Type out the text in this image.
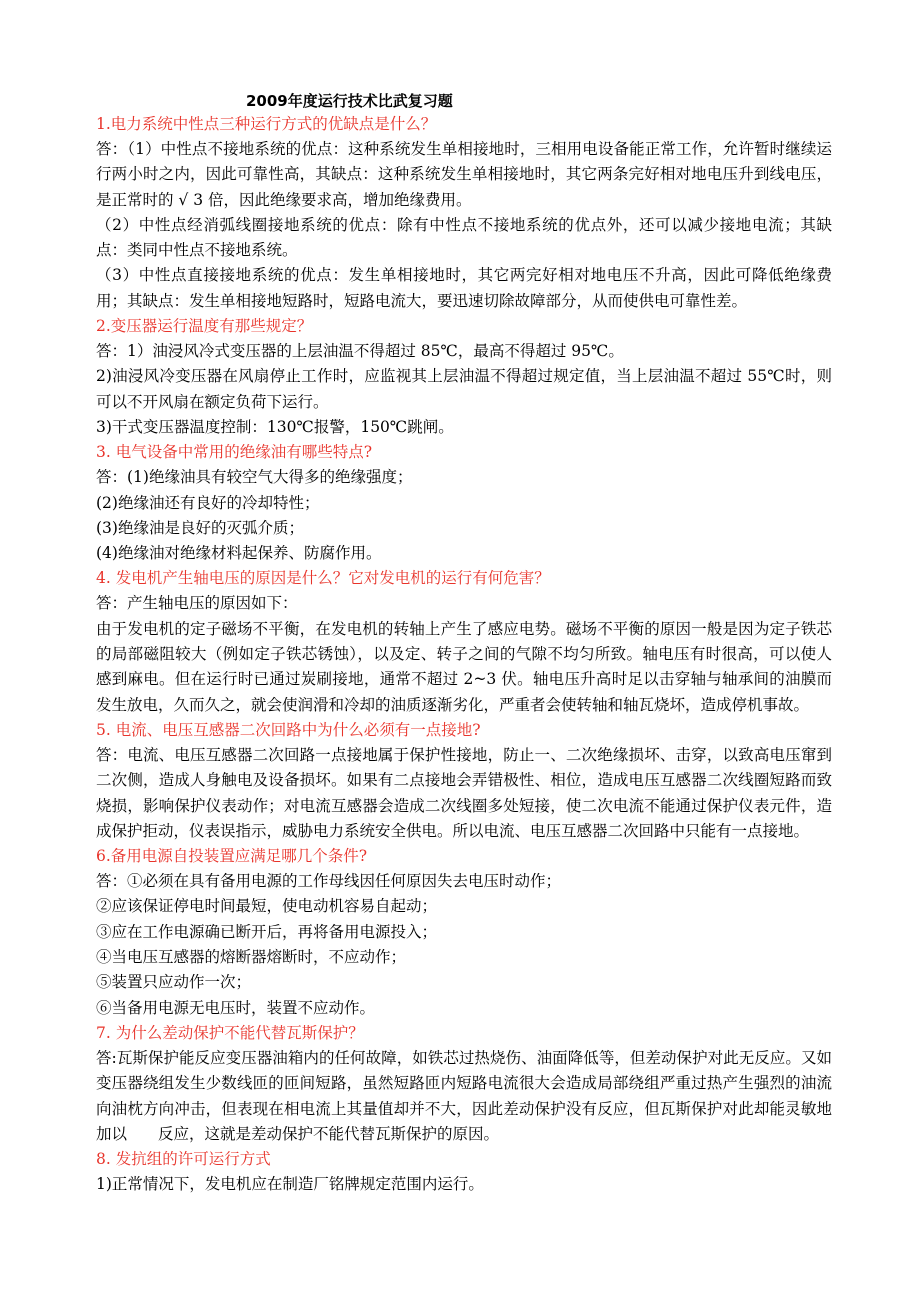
2009年度运行技术比武复习题

1.电力系统中性点三种运行方式的优缺点是什么？

答：（1）中性点不接地系统的优点：这种系统发生单相接地时，三相用电设备能正常工作，允许暂时继续运行两小时之内，因此可靠性高，其缺点：这种系统发生单相接地时，其它两条完好相对地电压升到线电压，是正常时的 √ 3 倍，因此绝缘要求高，增加绝缘费用。

（2）中性点经消弧线圈接地系统的优点：除有中性点不接地系统的优点外，还可以减少接地电流；其缺点：类同中性点不接地系统。

（3）中性点直接接地系统的优点：发生单相接地时，其它两完好相对地电压不升高，因此可降低绝缘费用；其缺点：发生单相接地短路时，短路电流大，要迅速切除故障部分，从而使供电可靠性差。

2.变压器运行温度有那些规定？

答：1）油浸风冷式变压器的上层油温不得超过 85℃，最高不得超过 95℃。

2)油浸风冷变压器在风扇停止工作时，应监视其上层油温不得超过规定值，当上层油温不超过 55℃时，则可以不开风扇在额定负荷下运行。

3)干式变压器温度控制：130℃报警，150℃跳闸。

3. 电气设备中常用的绝缘油有哪些特点?

答：(1)绝缘油具有较空气大得多的绝缘强度；

(2)绝缘油还有良好的冷却特性；

(3)绝缘油是良好的灭弧介质；

(4)绝缘油对绝缘材料起保养、防腐作用。

4. 发电机产生轴电压的原因是什么？它对发电机的运行有何危害？

答：产生轴电压的原因如下：

由于发电机的定子磁场不平衡，在发电机的转轴上产生了感应电势。磁场不平衡的原因一般是因为定子铁芯的局部磁阻较大（例如定子铁芯锈蚀），以及定、转子之间的气隙不均匀所致。轴电压有时很高，可以使人感到麻电。但在运行时已通过炭刷接地，通常不超过 2~3 伏。轴电压升高时足以击穿轴与轴承间的油膜而发生放电，久而久之，就会使润滑和冷却的油质逐渐劣化，严重者会使转轴和轴瓦烧坏，造成停机事故。

5. 电流、电压互感器二次回路中为什么必须有一点接地?

答：电流、电压互感器二次回路一点接地属于保护性接地，防止一、二次绝缘损坏、击穿，以致高电压窜到二次侧，造成人身触电及设备损坏。如果有二点接地会弄错极性、相位，造成电压互感器二次线圈短路而致烧损，影响保护仪表动作；对电流互感器会造成二次线圈多处短接，使二次电流不能通过保护仪表元件，造成保护拒动，仪表误指示，威胁电力系统安全供电。所以电流、电压互感器二次回路中只能有一点接地。

6.备用电源自投装置应满足哪几个条件?

答：①必须在具有备用电源的工作母线因任何原因失去电压时动作；

②应该保证停电时间最短，使电动机容易自起动；

③应在工作电源确已断开后，再将备用电源投入；

④当电压互感器的熔断器熔断时，不应动作；

⑤装置只应动作一次；

⑥当备用电源无电压时，装置不应动作。

7. 为什么差动保护不能代替瓦斯保护？

答:瓦斯保护能反应变压器油箱内的任何故障，如铁芯过热烧伤、油面降低等，但差动保护对此无反应。又如变压器绕组发生少数线匝的匝间短路，虽然短路匝内短路电流很大会造成局部绕组严重过热产生强烈的油流向油枕方向冲击，但表现在相电流上其量值却并不大，因此差动保护没有反应，但瓦斯保护对此却能灵敏地加以　　反应，这就是差动保护不能代替瓦斯保护的原因。

8. 发抗组的许可运行方式

1)正常情况下，发电机应在制造厂铭牌规定范围内运行。
